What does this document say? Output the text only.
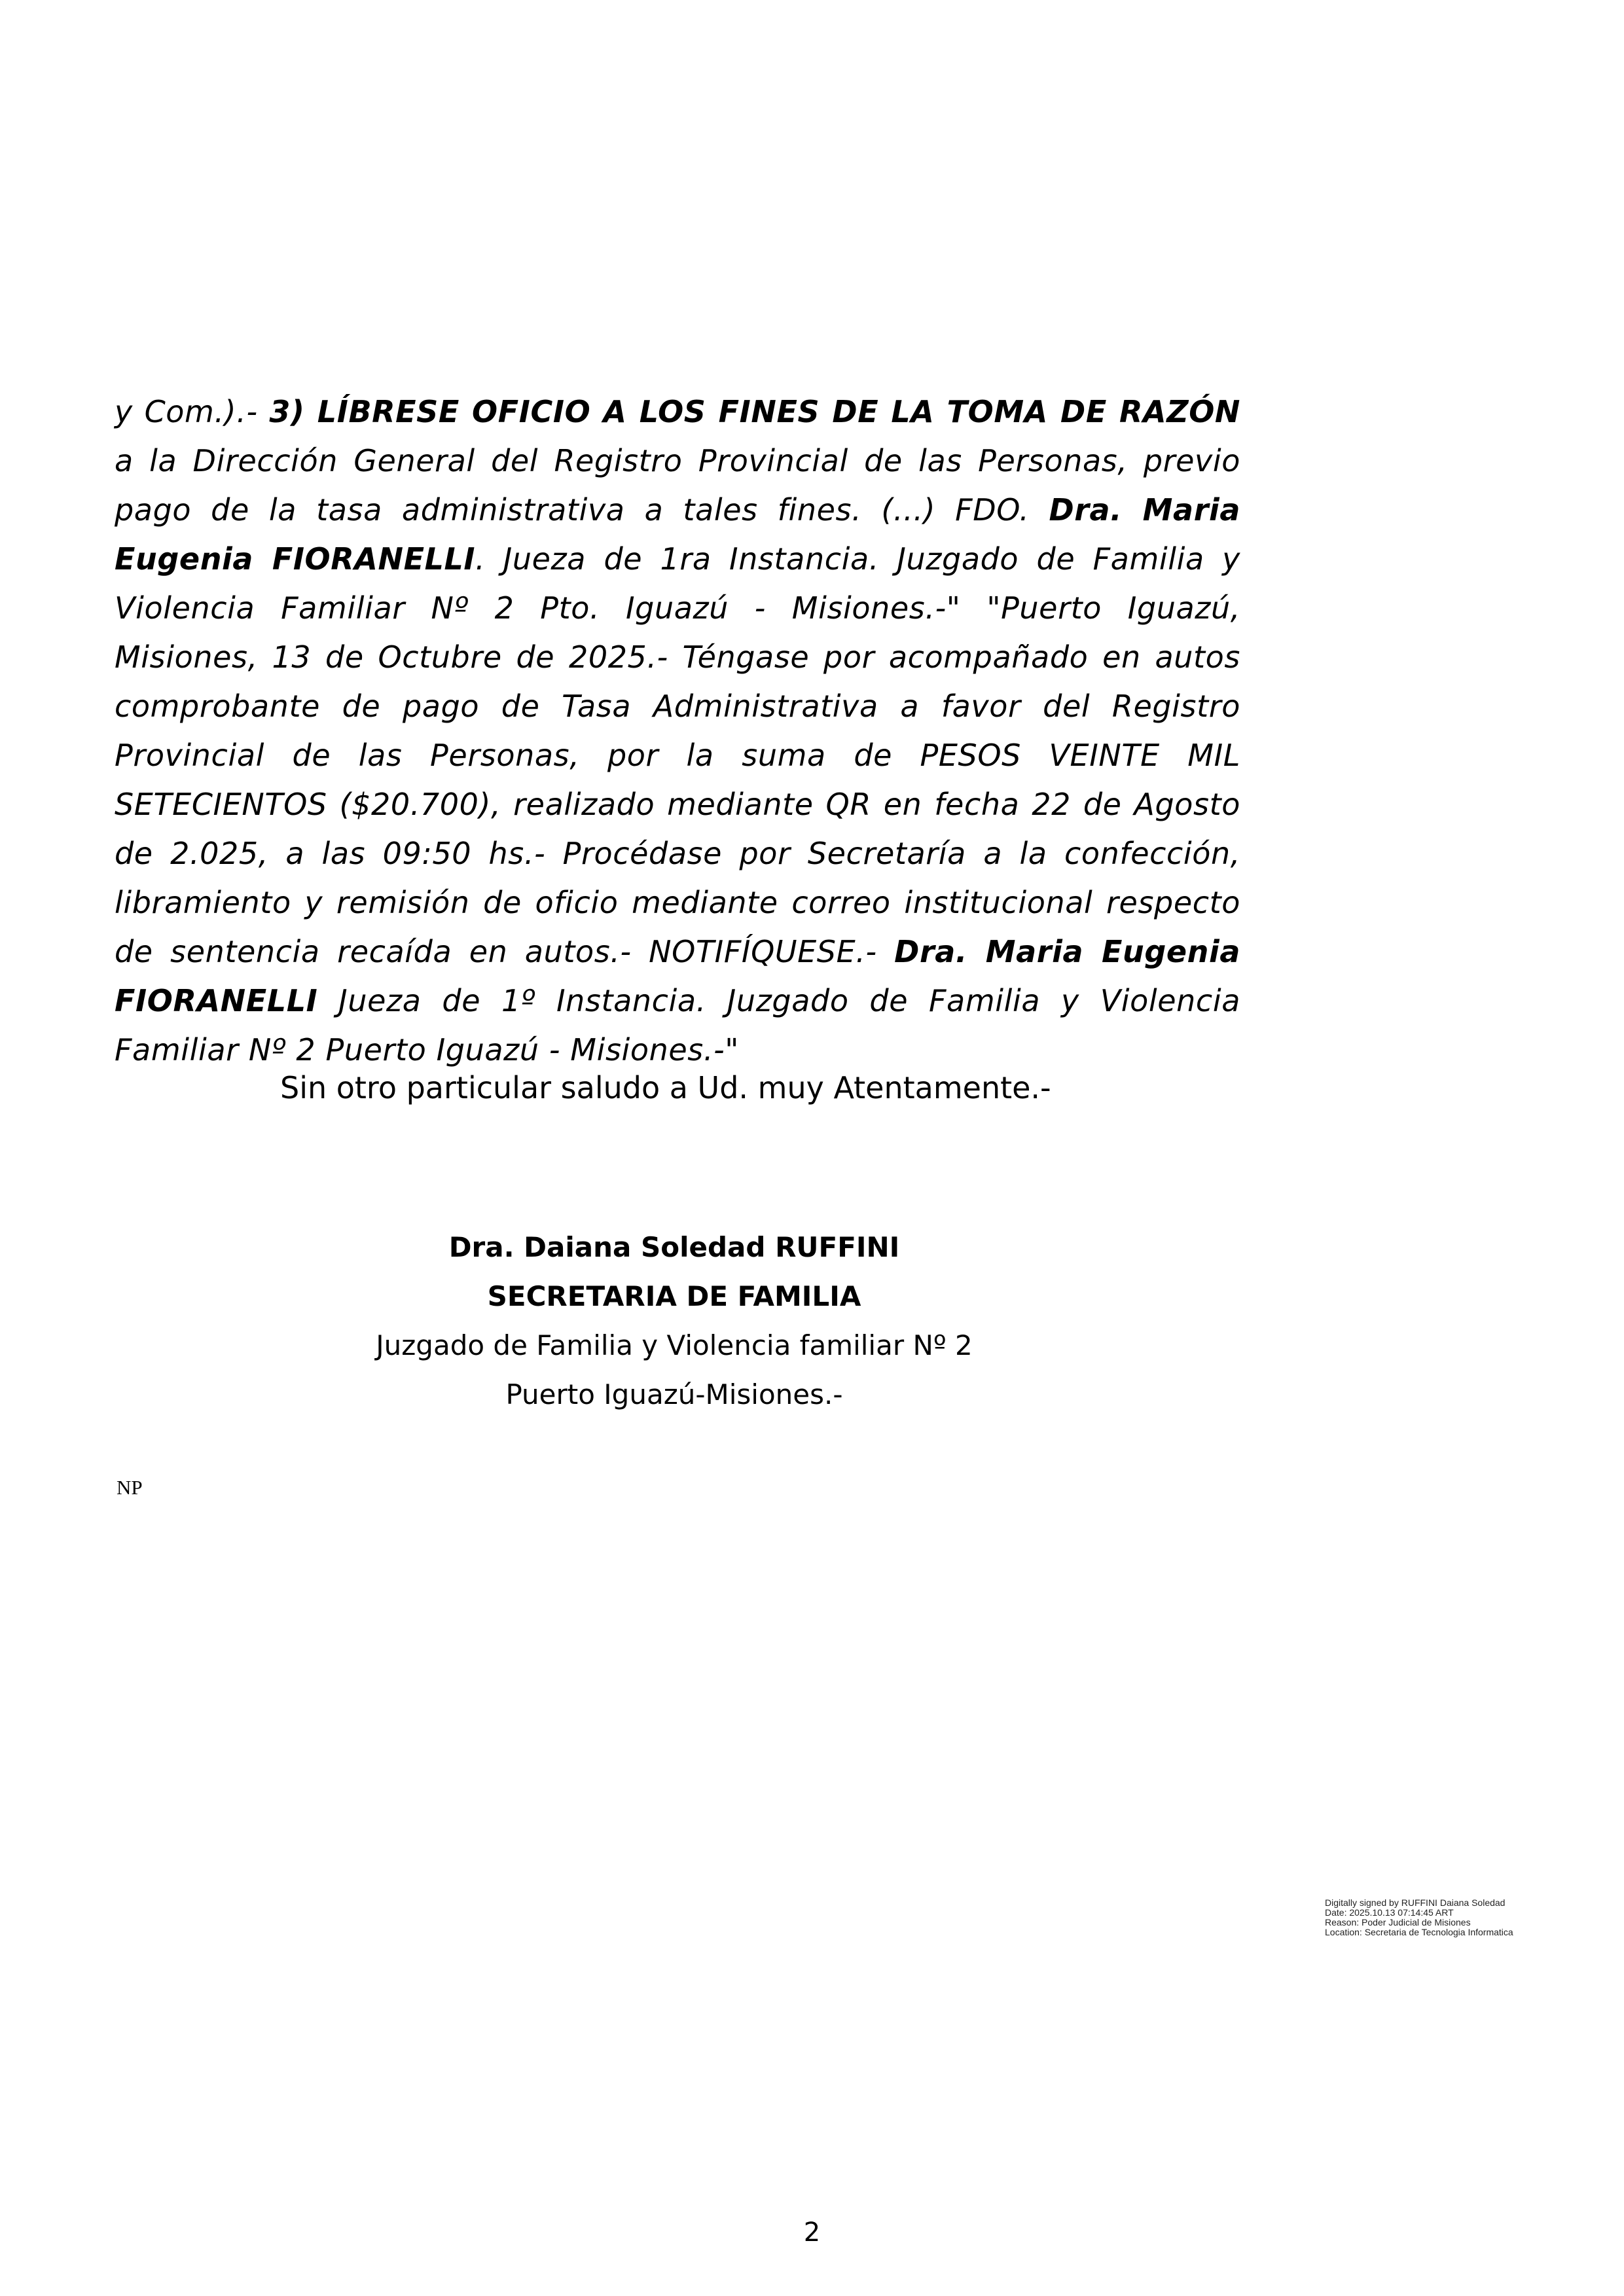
y Com.).- 3) LÍBRESE OFICIO A LOS FINES DE LA TOMA DE RAZÓN a la Dirección General del Registro Provincial de las Personas, previo pago de la tasa administrativa a tales fines. (...) FDO. Dra. Maria Eugenia FIORANELLI. Jueza de 1ra Instancia. Juzgado de Familia y Violencia Familiar Nº 2 Pto. Iguazú - Misiones.-" "Puerto Iguazú, Misiones, 13 de Octubre de 2025.- Téngase por acompañado en autos comprobante de pago de Tasa Administrativa a favor del Registro Provincial de las Personas, por la suma de PESOS VEINTE MIL SETECIENTOS ($20.700), realizado mediante QR en fecha 22 de Agosto de 2.025, a las 09:50 hs.- Procédase por Secretaría a la confección, libramiento y remisión de oficio mediante correo institucional respecto de sentencia recaída en autos.- NOTIFÍQUESE.- Dra. Maria Eugenia FIORANELLI Jueza de 1º Instancia. Juzgado de Familia y Violencia Familiar Nº 2 Puerto Iguazú - Misiones.-"

Sin otro particular saludo a Ud. muy Atentamente.-
Dra. Daiana Soledad RUFFINI
SECRETARIA DE FAMILIA
Juzgado de Familia y Violencia familiar Nº 2
Puerto Iguazú-Misiones.-
NP
Digitally signed by RUFFINI Daiana Soledad
Date: 2025.10.13 07:14:45 ART
Reason: Poder Judicial de Misiones
Location: Secretaria de Tecnologia Informatica
2
